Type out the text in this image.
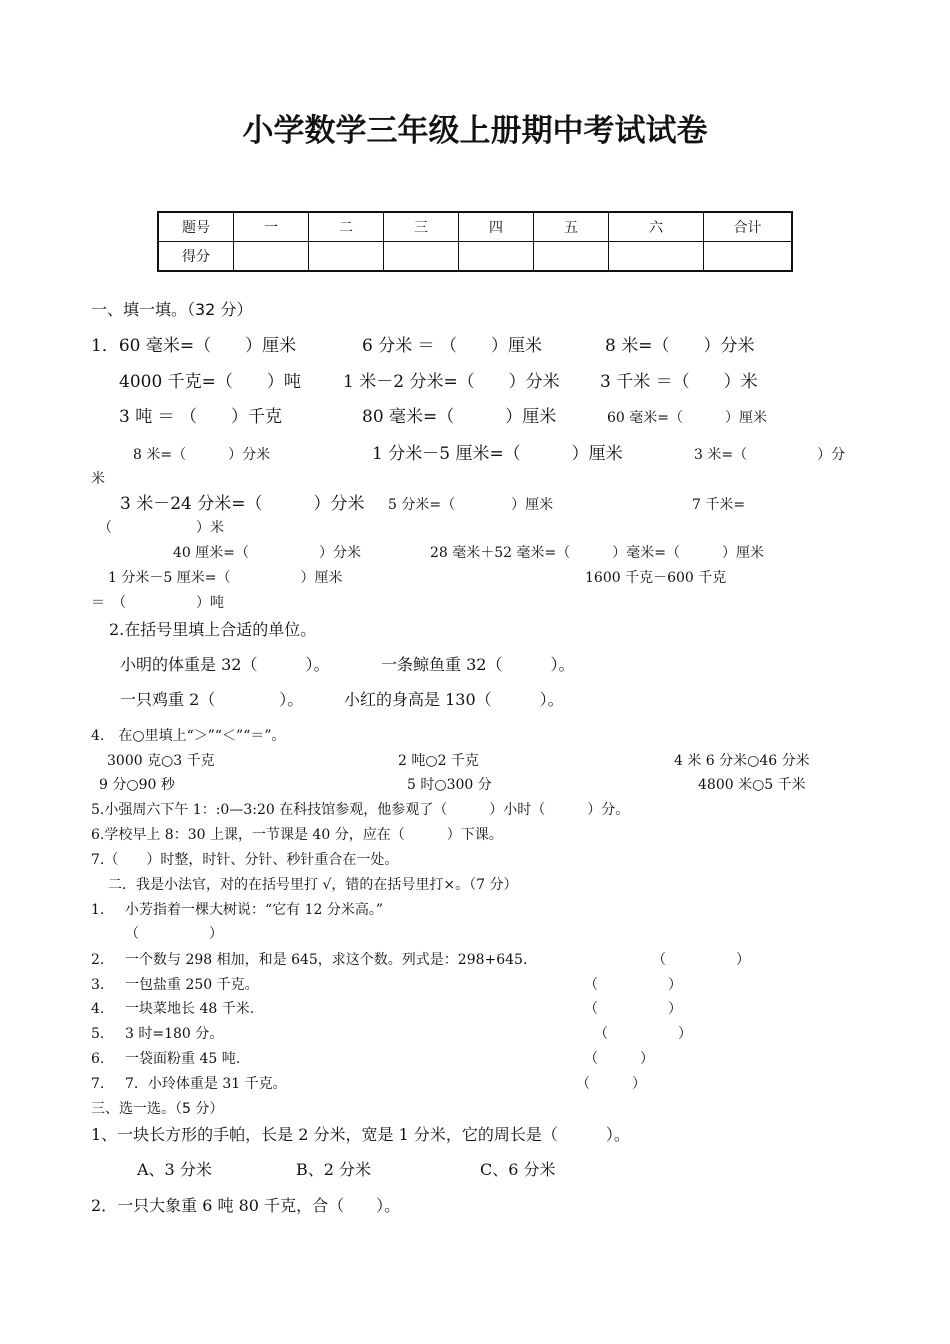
小学数学三年级上册期中考试试卷
题号	一	二	三	四	五	六	合计
得分							
一、填一填。（32 分）
1．60 毫米=（　　）厘米	6 分米 ＝ （　　）厘米	8 米=（　　）分米
4000 千克=（　　）吨 1 米－2 分米=（　　）分米 3 千米 ＝（　　）米
3 吨 ＝ （　　）千克	80 毫米=（　　　）厘米	60 毫米=（　　　）厘米
8 米=（　　　）分米	1 分米－5 厘米=（　　　）厘米	3 米=（　　　　　）分
米
3 米－24 分米=（　　　）分米 5 分米=（　　　　）厘米	7 千米=
（　　　　　　）米
40 厘米=（　　　　　）分米	28 毫米＋52 毫米=（　　　）毫米=（　　　）厘米
1 分米－5 厘米=（　　　　　）厘米	1600 千克－600 千克
＝　（　　　　　）吨
2.在括号里填上合适的单位。
小明的体重是 32（　　　）。	一条鲸鱼重 32（　　　）。
一只鸡重 2（　　　　）。	小红的身高是 130（　　　）。
4.　在○里填上“＞”“＜”“＝”。
3000 克○3 千克	2 吨○2 千克	4 米 6 分米○46 分米
9 分○90 秒	5 时○300 分	4800 米○5 千米
5.小强周六下午 1：:0—3:20 在科技馆参观，他参观了（　　　）小时（　　　）分。
6.学校早上 8：30 上课，一节课是 40 分，应在（　　　）下课。
7.（　　）时整，时针、分针、秒针重合在一处。
二．我是小法官，对的在括号里打 √，错的在括号里打×。（7 分）
1. 小芳指着一棵大树说：“它有 12 分米高。”
（　　　　　）
2. 一个数与 298 相加，和是 645，求这个数。列式是：298+645.	（　　　　　）
3. 一包盐重 250 千克。	（　　　　　）
4. 一块菜地长 48 千米.	（　　　　　）
5. 3 时=180 分。	（　　　　　）
6. 一袋面粉重 45 吨.	（　　　）
7. 7．小玲体重是 31 千克。	（　　　）
三、选一选。（5 分）
1、一块长方形的手帕，长是 2 分米，宽是 1 分米，它的周长是（　　　）。
A、3 分米	B、2 分米	C、6 分米
2．一只大象重 6 吨 80 千克，合（　　）。
